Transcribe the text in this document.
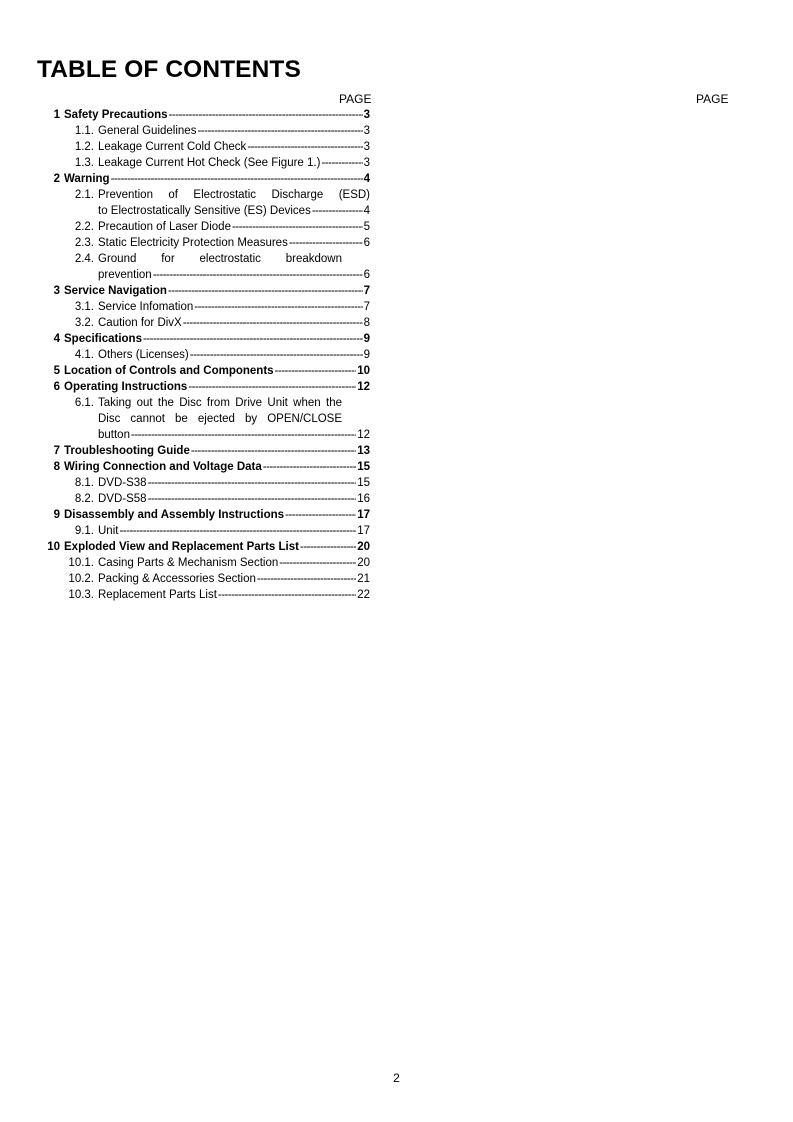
TABLE OF CONTENTS
PAGE	PAGE
1 Safety Precautions -----	3
1.1. General Guidelines -----	3
1.2. Leakage Current Cold Check -----	3
1.3. Leakage Current Hot Check (See Figure 1.) -----	3
2 Warning -----	4
2.1. Prevention of Electrostatic Discharge (ESD)
to Electrostatically Sensitive (ES) Devices -----	4
2.2. Precaution of Laser Diode -----	5
2.3. Static Electricity Protection Measures -----	6
2.4. Ground for electrostatic breakdown
prevention -----	6
3 Service Navigation -----	7
3.1. Service Infomation -----	7
3.2. Caution for DivX -----	8
4 Specifications -----	9
4.1. Others (Licenses) -----	9
5 Location of Controls and Components -----	10
6 Operating Instructions -----	12
6.1. Taking out the Disc from Drive Unit when the
Disc cannot be ejected by OPEN/CLOSE
button -----	12
7 Troubleshooting Guide -----	13
8 Wiring Connection and Voltage Data -----	15
8.1. DVD-S38 -----	15
8.2. DVD-S58 -----	16
9 Disassembly and Assembly Instructions -----	17
9.1. Unit -----	17
10 Exploded View and Replacement Parts List -----	20
10.1. Casing Parts & Mechanism Section -----	20
10.2. Packing & Accessories Section -----	21
10.3. Replacement Parts List -----	22
2
